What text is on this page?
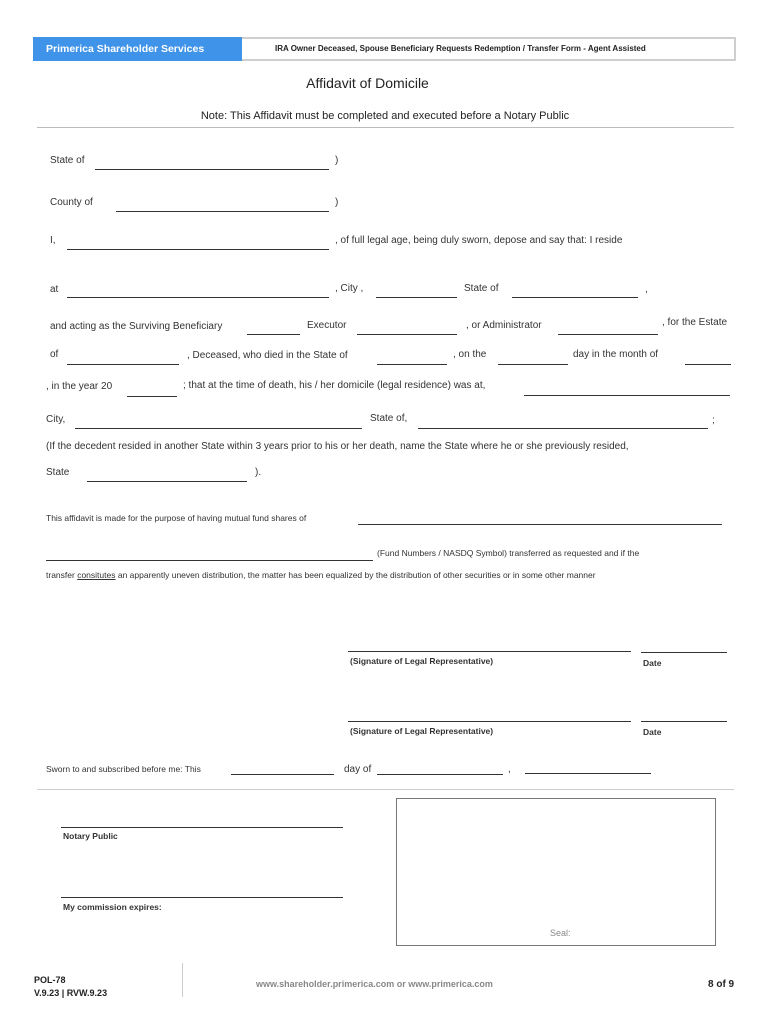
Primerica Shareholder Services	IRA Owner Deceased, Spouse Beneficiary Requests Redemption / Transfer Form - Agent Assisted
Affidavit of Domicile
Note: This Affidavit must be completed and executed before a Notary Public
State of	)
County of	)
I,	, of full legal age, being duly sworn, depose and say that: I reside
at	, City ,	State of	,
and acting as the Surviving Beneficiary	Executor	, or Administrator	, for the Estate
of	, Deceased, who died in the State of	, on the	day in the month of
, in the year 20	; that at the time of death, his / her domicile (legal residence) was at,
City,	State of,	;
(If the decedent resided in another State within 3 years prior to his or her death, name the State where he or she previously resided,
State	).
This affidavit is made for the purpose of having mutual fund shares of
(Fund Numbers / NASDQ Symbol) transferred as requested and if the
transfer consitutes an apparently uneven distribution, the matter has been equalized by the distribution of other securities or in some other manner
(Signature of Legal Representative)	Date
(Signature of Legal Representative)	Date
Sworn to and subscribed before me: This	day of	,
Notary Public
My commission expires:
Seal:
POL-78
V.9.23 | RVW.9.23
www.shareholder.primerica.com or www.primerica.com	8 of 9
